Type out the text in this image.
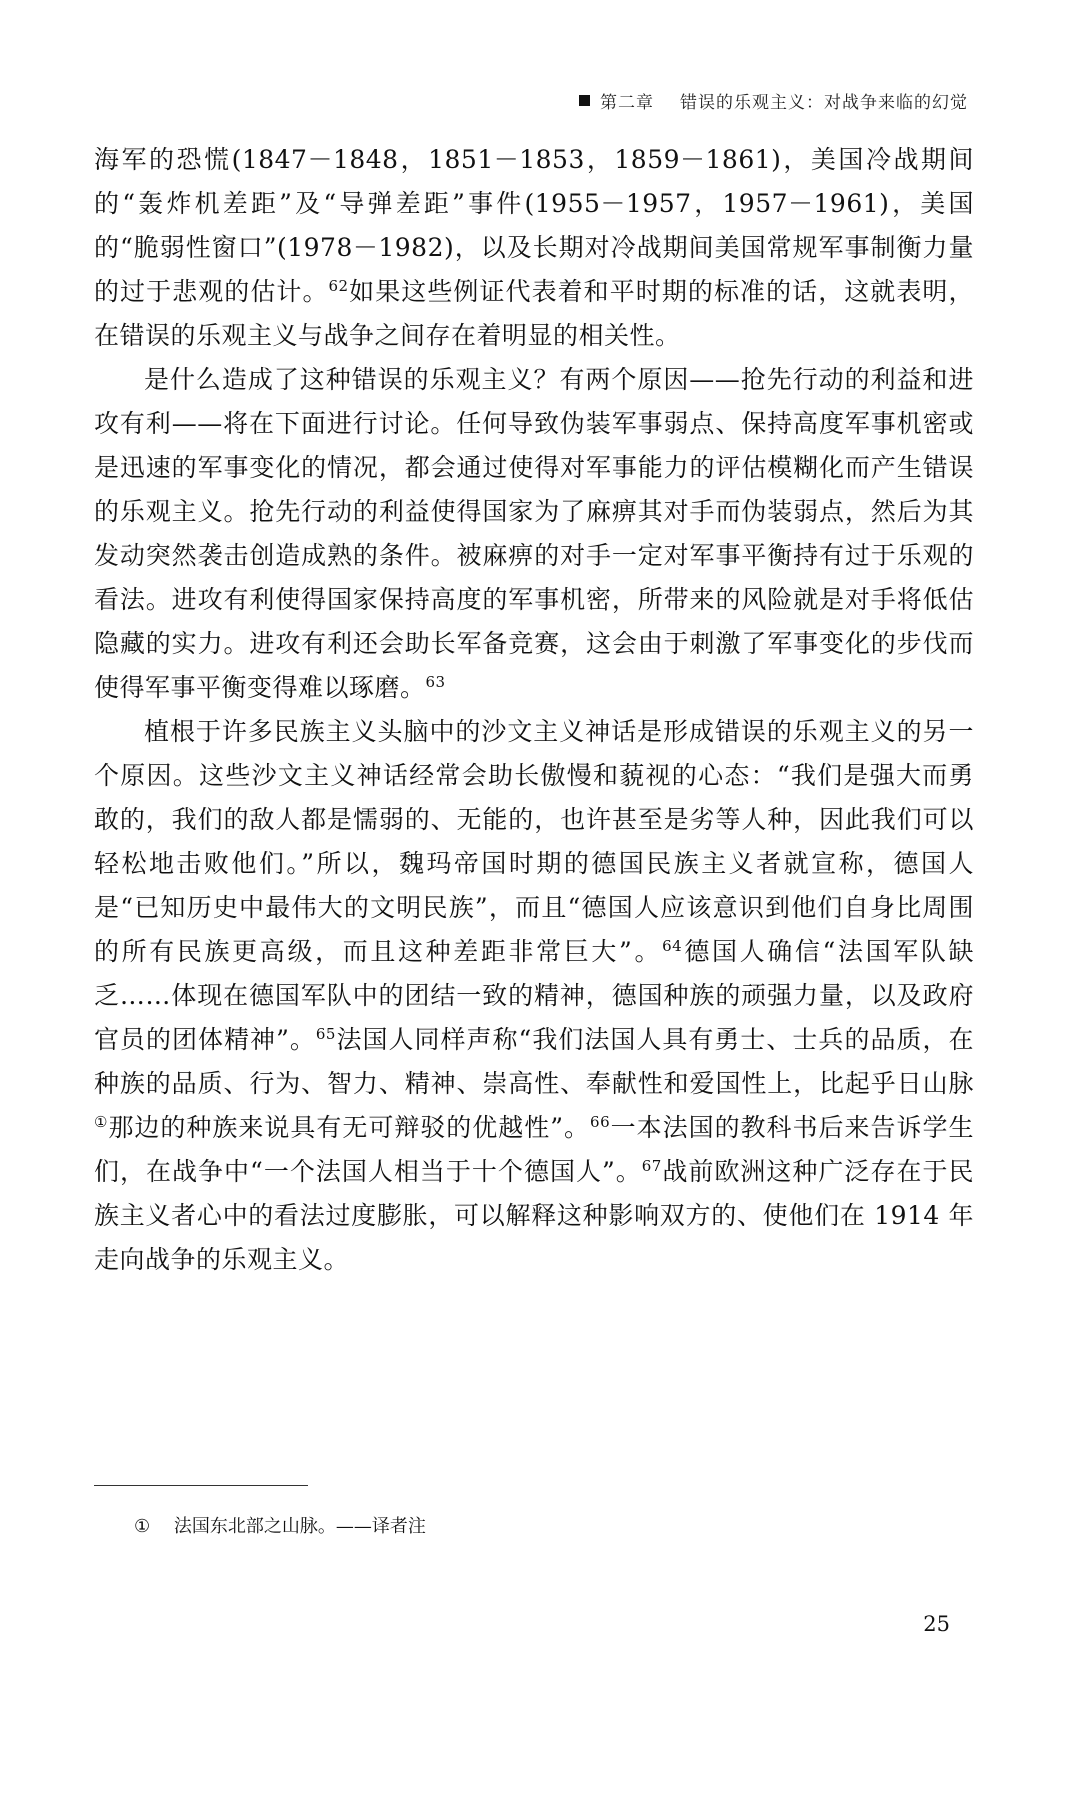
第二章 错误的乐观主义：对战争来临的幻觉

海军的恐慌(1847－1848，1851－1853，1859－1861)，美国冷战期间的“轰炸机差距”及“导弹差距”事件(1955－1957，1957－1961)，美国的“脆弱性窗口”(1978－1982)，以及长期对冷战期间美国常规军事制衡力量的过于悲观的估计。$^{62}$如果这些例证代表着和平时期的标准的话，这就表明，在错误的乐观主义与战争之间存在着明显的相关性。

是什么造成了这种错误的乐观主义？有两个原因——抢先行动的利益和进攻有利——将在下面进行讨论。任何导致伪装军事弱点、保持高度军事机密或是迅速的军事变化的情况，都会通过使得对军事能力的评估模糊化而产生错误的乐观主义。抢先行动的利益使得国家为了麻痹其对手而伪装弱点，然后为其发动突然袭击创造成熟的条件。被麻痹的对手一定对军事平衡持有过于乐观的看法。进攻有利使得国家保持高度的军事机密，所带来的风险就是对手将低估隐藏的实力。进攻有利还会助长军备竞赛，这会由于刺激了军事变化的步伐而使得军事平衡变得难以琢磨。$^{63}$

植根于许多民族主义头脑中的沙文主义神话是形成错误的乐观主义的另一个原因。这些沙文主义神话经常会助长傲慢和藐视的心态：“我们是强大而勇敢的，我们的敌人都是懦弱的、无能的，也许甚至是劣等人种，因此我们可以轻松地击败他们。”所以，魏玛帝国时期的德国民族主义者就宣称，德国人是“已知历史中最伟大的文明民族”，而且“德国人应该意识到他们自身比周围的所有民族更高级，而且这种差距非常巨大”。$^{64}$德国人确信“法国军队缺乏……体现在德国军队中的团结一致的精神，德国种族的顽强力量，以及政府官员的团体精神”。$^{65}$法国人同样声称“我们法国人具有勇士、士兵的品质，在种族的品质、行为、智力、精神、崇高性、奉献性和爱国性上，比起乎日山脉①那边的种族来说具有无可辩驳的优越性”。$^{66}$一本法国的教科书后来告诉学生们，在战争中“一个法国人相当于十个德国人”。$^{67}$战前欧洲这种广泛存在于民族主义者心中的看法过度膨胀，可以解释这种影响双方的、使他们在 1914 年走向战争的乐观主义。

① 法国东北部之山脉。——译者注
25
